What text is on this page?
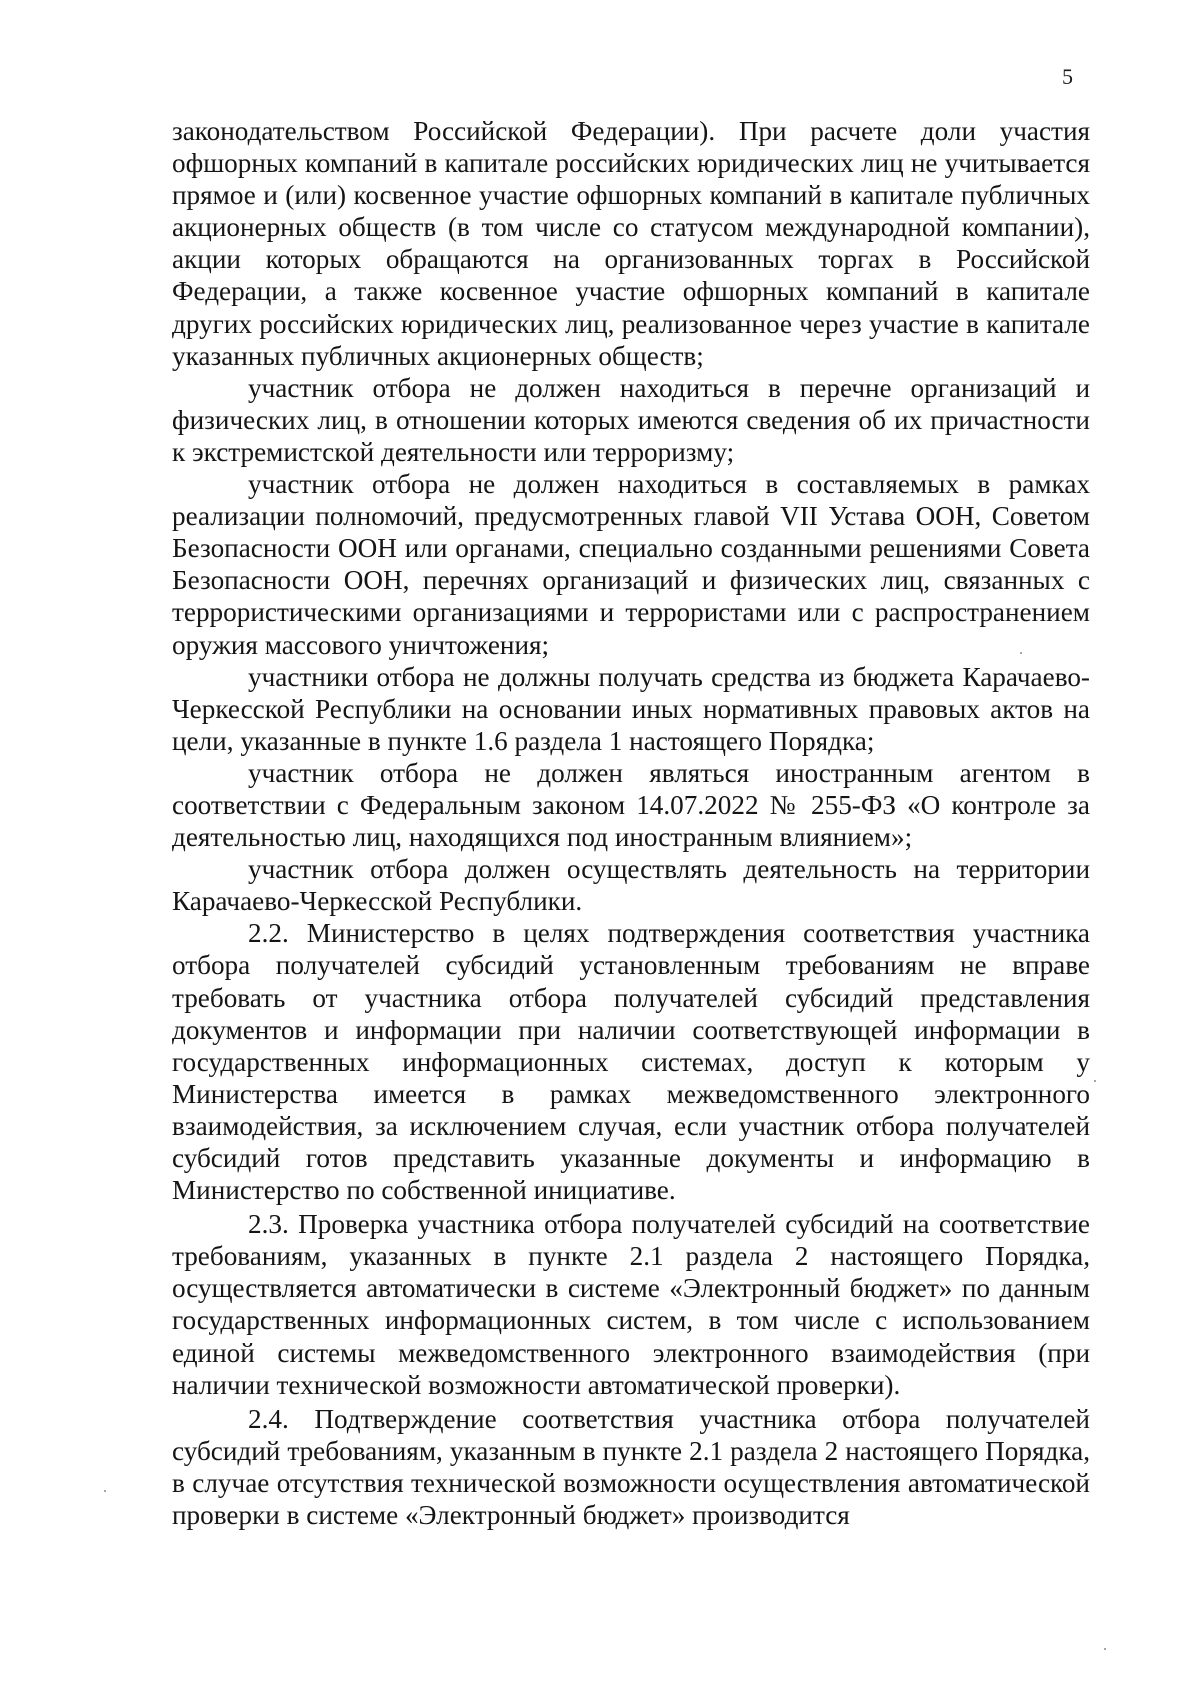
5

законодательством Российской Федерации). При расчете доли участия офшорных компаний в капитале российских юридических лиц не учитывается прямое и (или) косвенное участие офшорных компаний в капитале публичных акционерных обществ (в том числе со статусом международной компании), акции которых обращаются на организованных торгах в Российской Федерации, а также косвенное участие офшорных компаний в капитале других российских юридических лиц, реализованное через участие в капитале указанных публичных акционерных обществ;

участник отбора не должен находиться в перечне организаций и физических лиц, в отношении которых имеются сведения об их причастности к экстремистской деятельности или терроризму;

участник отбора не должен находиться в составляемых в рамках реализации полномочий, предусмотренных главой VII Устава ООН, Советом Безопасности ООН или органами, специально созданными решениями Совета Безопасности ООН, перечнях организаций и физических лиц, связанных с террористическими организациями и террористами или с распространением оружия массового уничтожения;

участники отбора не должны получать средства из бюджета Карачаево-Черкесской Республики на основании иных нормативных правовых актов на цели, указанные в пункте 1.6 раздела 1 настоящего Порядка;

участник отбора не должен являться иностранным агентом в соответствии с Федеральным законом 14.07.2022 № 255-ФЗ «О контроле за деятельностью лиц, находящихся под иностранным влиянием»;

участник отбора должен осуществлять деятельность на территории Карачаево-Черкесской Республики.

2.2. Министерство в целях подтверждения соответствия участника отбора получателей субсидий установленным требованиям не вправе требовать от участника отбора получателей субсидий представления документов и информации при наличии соответствующей информации в государственных информационных системах, доступ к которым у Министерства имеется в рамках межведомственного электронного взаимодействия, за исключением случая, если участник отбора получателей субсидий готов представить указанные документы и информацию в Министерство по собственной инициативе.

2.3. Проверка участника отбора получателей субсидий на соответствие требованиям, указанных в пункте 2.1 раздела 2 настоящего Порядка, осуществляется автоматически в системе «Электронный бюджет» по данным государственных информационных систем, в том числе с использованием единой системы межведомственного электронного взаимодействия (при наличии технической возможности автоматической проверки).

2.4. Подтверждение соответствия участника отбора получателей субсидий требованиям, указанным в пункте 2.1 раздела 2 настоящего Порядка, в случае отсутствия технической возможности осуществления автоматической проверки в системе «Электронный бюджет» производится
